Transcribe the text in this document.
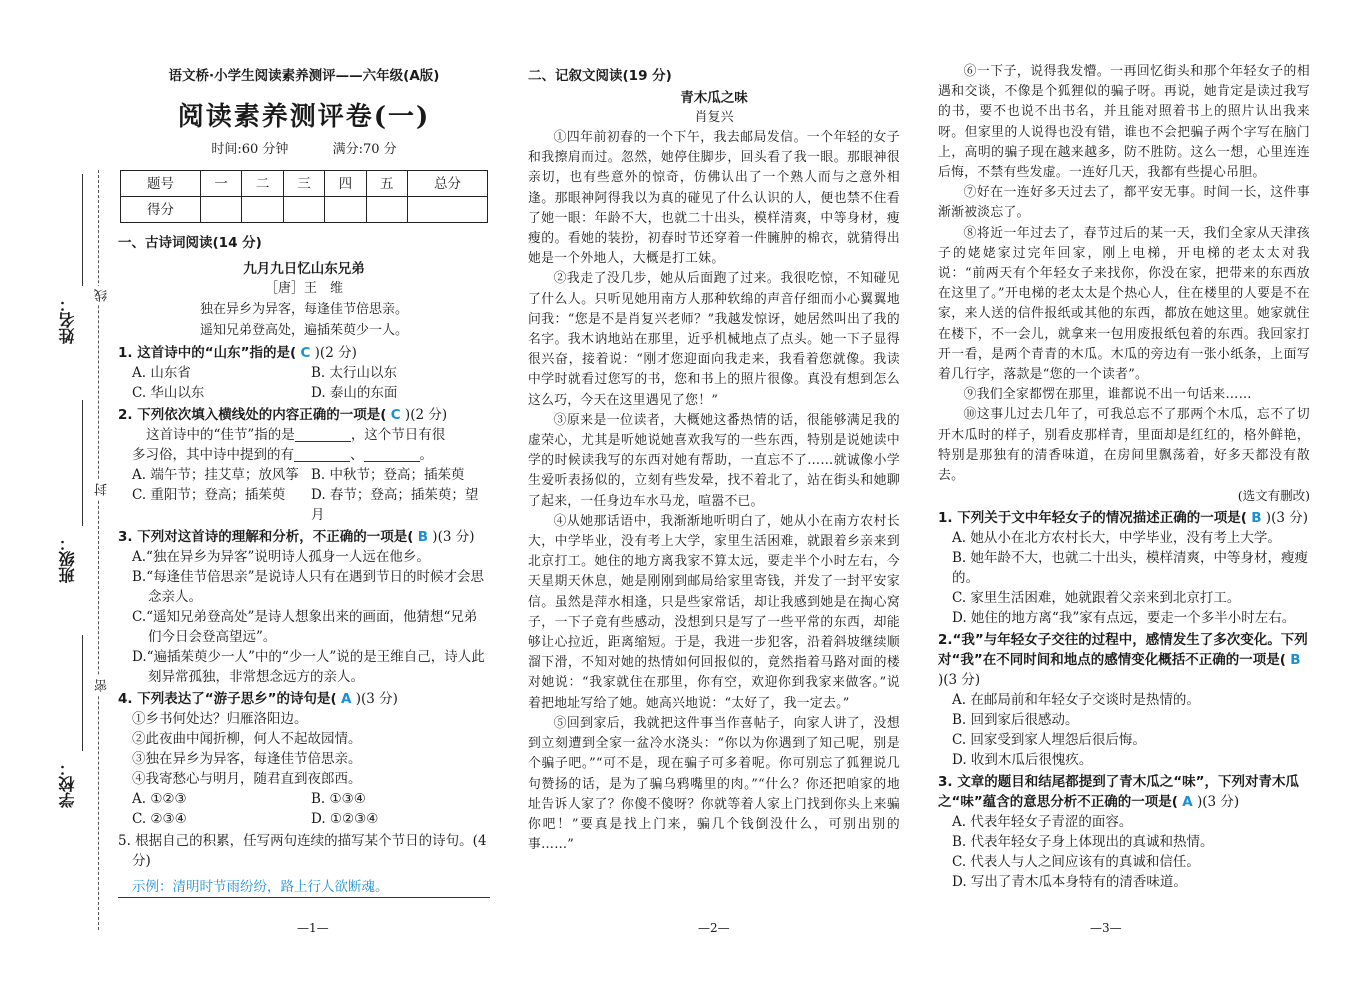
姓名：
班级：
学校：
线
封
密
语文桥·小学生阅读素养测评——六年级(A版)
阅读素养测评卷(一)
时间:60 分钟	满分:70 分
题号	一	二	三	四	五	总分
得分						
一、古诗词阅读(14 分)
九月九日忆山东兄弟
［唐］王　维
独在异乡为异客，每逢佳节倍思亲。
遥知兄弟登高处，遍插茱萸少一人。
1. 这首诗中的“山东”指的是( C )(2 分)
A. 山东省	B. 太行山以东
C. 华山以东	D. 泰山的东面
2. 下列依次填入横线处的内容正确的一项是( C )(2 分)
这首诗中的“佳节”指的是	，这个节日有很
多习俗，其中诗中提到的有	、	。
A. 端午节；挂艾草；放风筝 B. 中秋节；登高；插茱萸
C. 重阳节；登高；插茱萸	D. 春节；登高；插茱萸；望月
3. 下列对这首诗的理解和分析，不正确的一项是( B )(3 分)
A.“独在异乡为异客”说明诗人孤身一人远在他乡。
B.“每逢佳节倍思亲”是说诗人只有在遇到节日的时候才会思念亲人。
C.“遥知兄弟登高处”是诗人想象出来的画面，他猜想“兄弟们今日会登高望远”。
D.“遍插茱萸少一人”中的“少一人”说的是王维自己，诗人此刻异常孤独，非常想念远方的亲人。
4. 下列表达了“游子思乡”的诗句是( A )(3 分)
①乡书何处达？归雁洛阳边。
②此夜曲中闻折柳，何人不起故园情。
③独在异乡为异客，每逢佳节倍思亲。
④我寄愁心与明月，随君直到夜郎西。
A. ①②③	B. ①③④
C. ②③④	D. ①②③④
5. 根据自己的积累，任写两句连续的描写某个节日的诗句。(4 分)
示例：清明时节雨纷纷，路上行人欲断魂。
—1—
二、记叙文阅读(19 分)
青木瓜之味
肖复兴
①四年前初春的一个下午，我去邮局发信。一个年轻的女子和我擦肩而过。忽然，她停住脚步，回头看了我一眼。那眼神很亲切，也有些意外的惊奇，仿佛认出了一个熟人而与之意外相逢。那眼神阿得我以为真的碰见了什么认识的人，便也禁不住看了她一眼：年龄不大，也就二十出头，模样清爽，中等身材，瘦瘦的。看她的装扮，初春时节还穿着一件臃肿的棉衣，就猜得出她是一个外地人，大概是打工妹。
②我走了没几步，她从后面跑了过来。我很吃惊，不知碰见了什么人。只听见她用南方人那种软绵的声音仔细而小心翼翼地问我：“您是不是肖复兴老师？”我越发惊讶，她居然叫出了我的名字。我木讷地站在那里，近乎机械地点了点头。她一下子显得很兴奋，接着说：“刚才您迎面向我走来，我看着您就像。我读中学时就看过您写的书，您和书上的照片很像。真没有想到怎么这么巧，今天在这里遇见了您！”
③原来是一位读者，大概她这番热情的话，很能够满足我的虚荣心，尤其是听她说她喜欢我写的一些东西，特别是说她读中学的时候读我写的东西对她有帮助，一直忘不了……就诚像小学生爱听表扬似的，立刻有些发晕，找不着北了，站在街头和她聊了起来，一任身边车水马龙，喧嚣不已。
④从她那话语中，我渐渐地听明白了，她从小在南方农村长大，中学毕业，没有考上大学，家里生活困难，就跟着乡亲来到北京打工。她住的地方离我家不算太远，要走半个小时左右，今天星期天休息，她是刚刚到邮局给家里寄钱，并发了一封平安家信。虽然是萍水相逢，只是些家常话，却让我感到她是在掏心窝子，一下子竟有些感动，没想到只是写了一些平常的东西，却能够让心拉近，距离缩短。于是，我进一步犯客，沿着斜坡继续顺溜下滑，不知对她的热情如何回报似的，竟然指着马路对面的楼对她说：“我家就住在那里，你有空，欢迎你到我家来做客。”说着把地址写给了她。她高兴地说：“太好了，我一定去。”
⑤回到家后，我就把这件事当作喜帖子，向家人讲了，没想到立刻遭到全家一盆冷水浇头：“你以为你遇到了知己呢，别是个骗子吧。”“可不是，现在骗子可多着呢。你可别忘了狐狸说几句赞扬的话，是为了骗乌鸦嘴里的肉。”“什么？你还把咱家的地址告诉人家了？你傻不傻呀？你就等着人家上门找到你头上来骗你吧！”要真是找上门来，骗几个钱倒没什么，可别出别的事……”
—2—
⑥一下子，说得我发懵。一再回忆街头和那个年轻女子的相遇和交谈，不像是个狐狸似的骗子呀。再说，她肯定是读过我写的书，要不也说不出书名，并且能对照着书上的照片认出我来呀。但家里的人说得也没有错，谁也不会把骗子两个字写在脑门上，高明的骗子现在越来越多，防不胜防。这么一想，心里连连后悔，不禁有些发虚。一连好几天，我都有些提心吊胆。
⑦好在一连好多天过去了，都平安无事。时间一长，这件事渐渐被淡忘了。
⑧将近一年过去了，春节过后的某一天，我们全家从天津孩子的姥姥家过完年回家，刚上电梯，开电梯的老太太对我说：“前两天有个年轻女子来找你，你没在家，把带来的东西放在这里了。”开电梯的老太太是个热心人，住在楼里的人要是不在家，来人送的信件报纸或其他的东西，都放在她这里。她家就住在楼下，不一会儿，就拿来一包用废报纸包着的东西。我回家打开一看，是两个青青的木瓜。木瓜的旁边有一张小纸条，上面写着几行字，落款是“您的一个读者”。
⑨我们全家都愣在那里，谁都说不出一句话来……
⑩这事儿过去几年了，可我总忘不了那两个木瓜，忘不了切开木瓜时的样子，别看皮那样青，里面却是红红的，格外鲜艳，特别是那独有的清香味道，在房间里飘荡着，好多天都没有散去。
(选文有删改)
1. 下列关于文中年轻女子的情况描述正确的一项是( B )(3 分)
A. 她从小在北方农村长大，中学毕业，没有考上大学。
B. 她年龄不大，也就二十出头，模样清爽，中等身材，瘦瘦的。
C. 家里生活困难，她就跟着父亲来到北京打工。
D. 她住的地方离“我”家有点远，要走一个多半小时左右。
2.“我”与年轻女子交往的过程中，感情发生了多次变化。下列对“我”在不同时间和地点的感情变化概括不正确的一项是( B )(3 分)
A. 在邮局前和年轻女子交谈时是热情的。
B. 回到家后很感动。
C. 回家受到家人埋怨后很后悔。
D. 收到木瓜后很愧疚。
3. 文章的题目和结尾都提到了青木瓜之“味”，下列对青木瓜之“味”蕴含的意思分析不正确的一项是( A )(3 分)
A. 代表年轻女子青涩的面容。
B. 代表年轻女子身上体现出的真诚和热情。
C. 代表人与人之间应该有的真诚和信任。
D. 写出了青木瓜本身特有的清香味道。
—3—
